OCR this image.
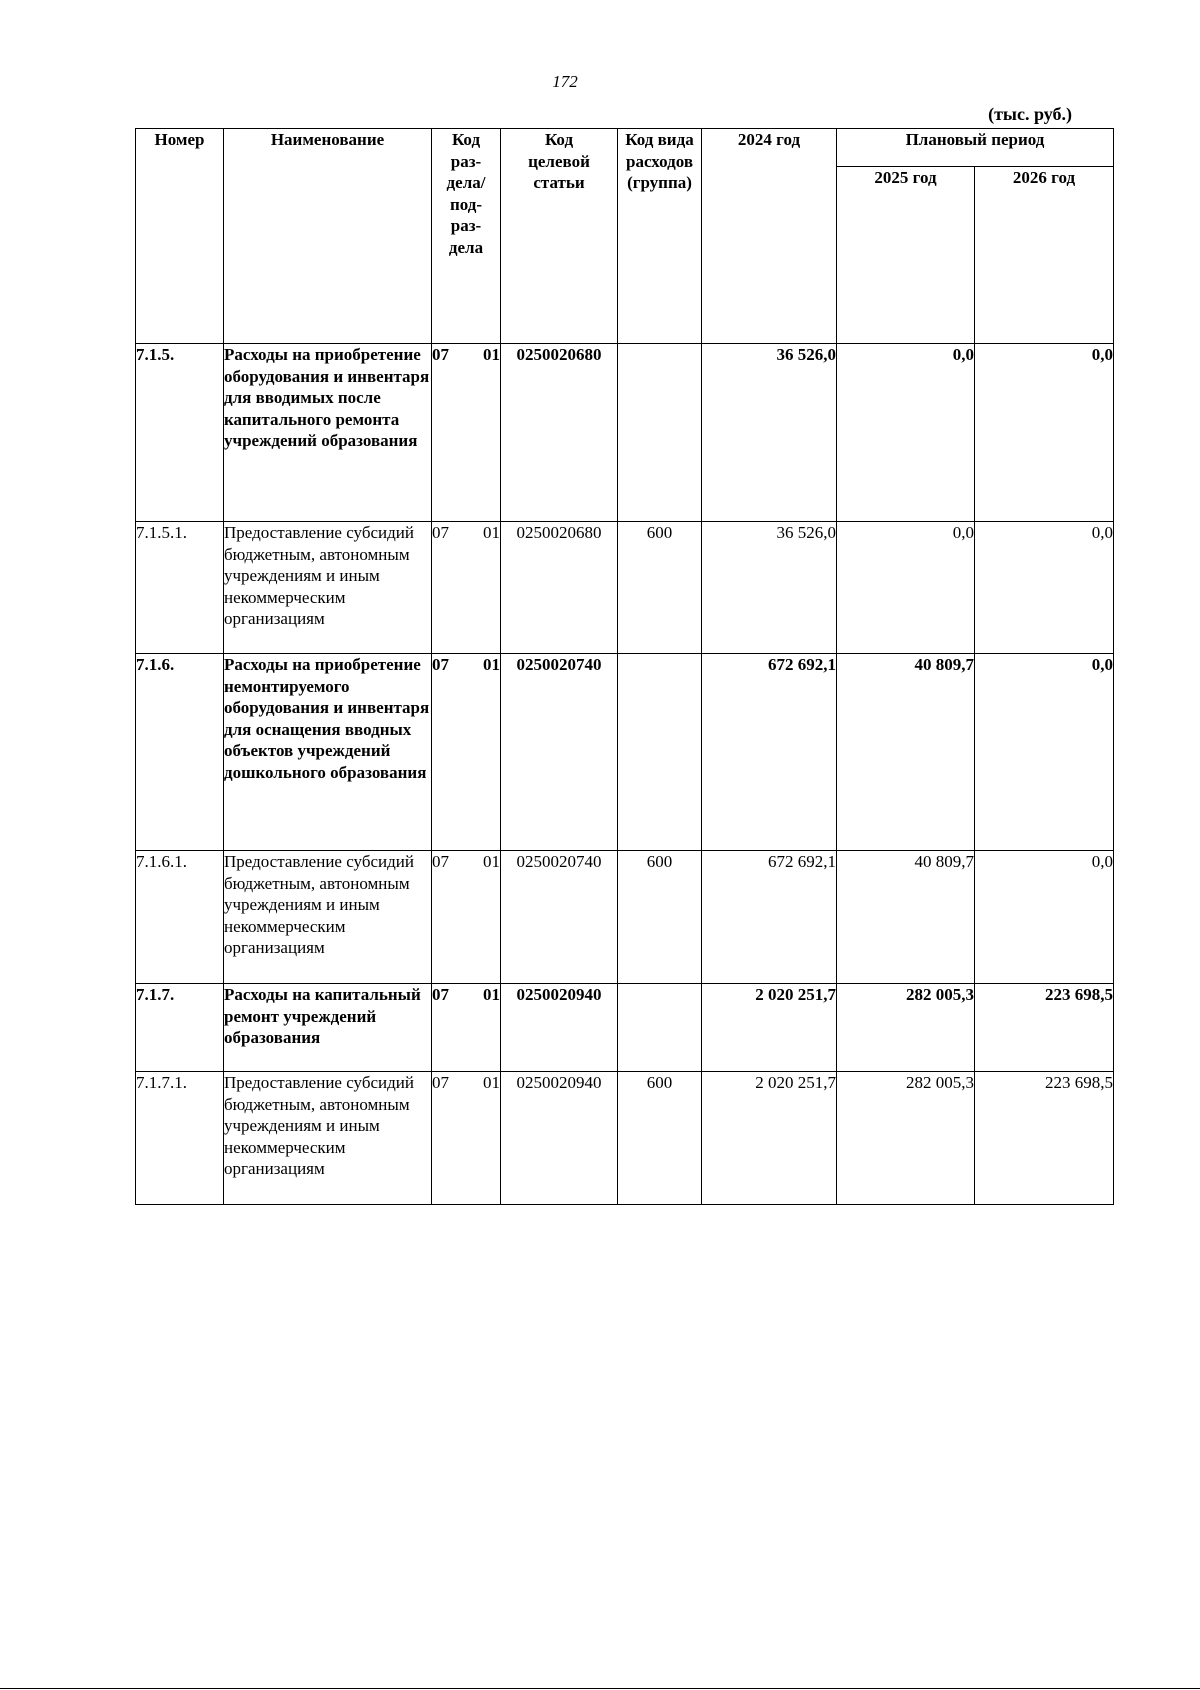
172
(тыс. руб.)
Номер	Наименование	Код раз-дела/ под-раз-дела	Код целевой статьи	Код вида расходов (группа)	2024 год	Плановый период	
						2025 год	2026 год
7.1.5.	Расходы на приобретение оборудования и инвентаря для вводимых после капитального ремонта учреждений образования	07 01	0250020680		36 526,0	0,0	0,0
7.1.5.1.	Предоставление субсидий бюджетным, автономным учреждениям и иным некоммерческим организациям	07 01	0250020680	600	36 526,0	0,0	0,0
7.1.6.	Расходы на приобретение немонтируемого оборудования и инвентаря для оснащения вводных объектов учреждений дошкольного образования	07 01	0250020740		672 692,1	40 809,7	0,0
7.1.6.1.	Предоставление субсидий бюджетным, автономным учреждениям и иным некоммерческим организациям	07 01	0250020740	600	672 692,1	40 809,7	0,0
7.1.7.	Расходы на капитальный ремонт учреждений образования	07 01	0250020940		2 020 251,7	282 005,3	223 698,5
7.1.7.1.	Предоставление субсидий бюджетным, автономным учреждениям и иным некоммерческим организациям	07 01	0250020940	600	2 020 251,7	282 005,3	223 698,5
